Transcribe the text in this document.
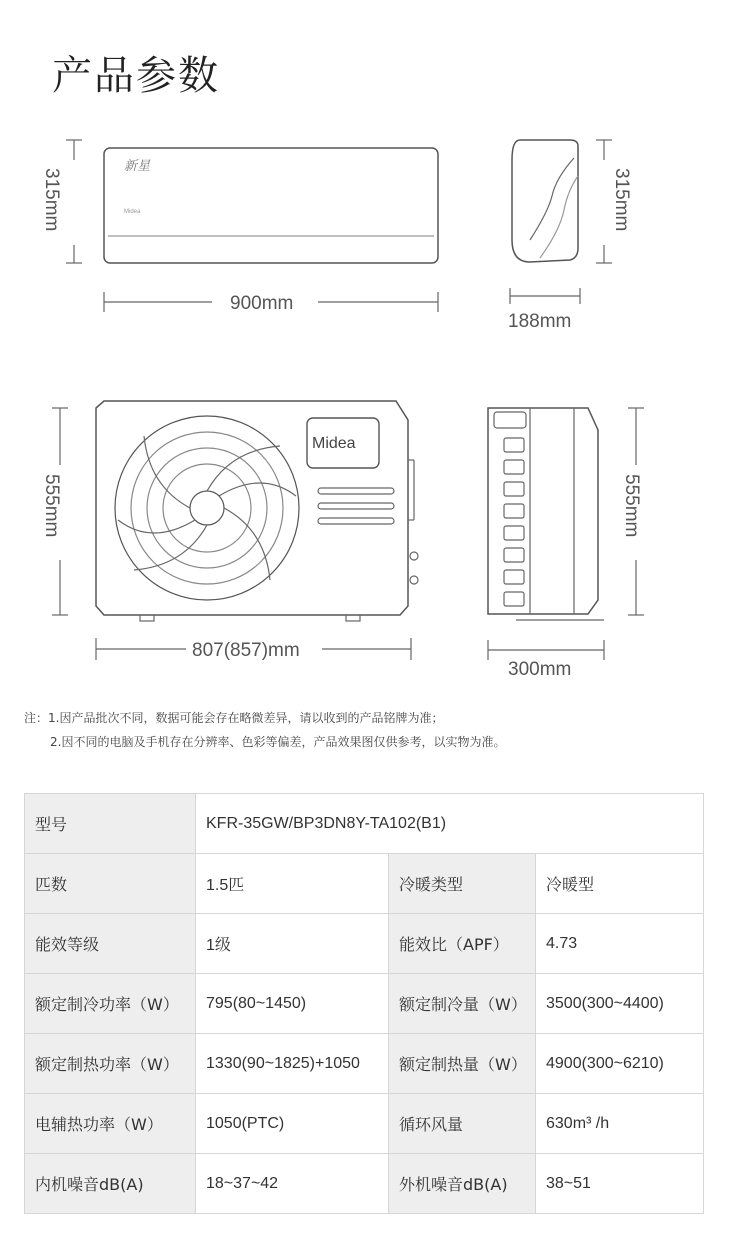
产品参数
新星
Midea
315mm
900mm
315mm
188mm
Midea
555mm
807(857)mm
555mm
300mm
注：1.因产品批次不同，数据可能会存在略微差异，请以收到的产品铭牌为准；
2.因不同的电脑及手机存在分辨率、色彩等偏差，产品效果图仅供参考，以实物为准。
型号	KFR-35GW/BP3DN8Y-TA102(B1)		
匹数	1.5匹	冷暖类型	冷暖型
能效等级	1级	能效比（APF）	4.73
额定制冷功率（W）	795(80~1450)	额定制冷量（W）	3500(300~4400)
额定制热功率（W）	1330(90~1825)+1050	额定制热量（W）	4900(300~6210)
电辅热功率（W）	1050(PTC)	循环风量	630m³ /h
内机噪音dB(A)	18~37~42	外机噪音dB(A)	38~51
